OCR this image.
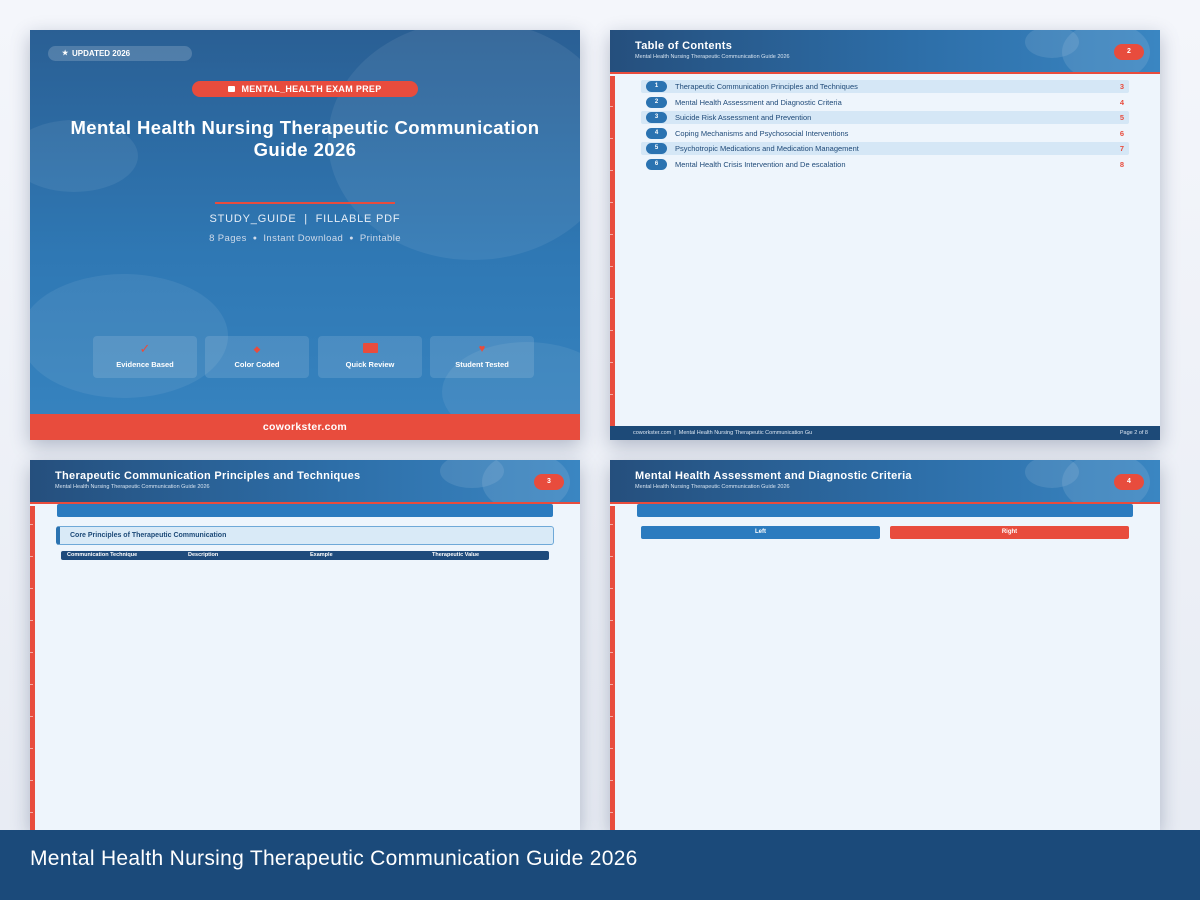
★ UPDATED 2026
MENTAL_HEALTH EXAM PREP
Mental Health Nursing Therapeutic Communication Guide 2026
STUDY_GUIDE  |  FILLABLE PDF
8 Pages ● Instant Download ● Printable
✓
Evidence Based
◆
Color Coded	Quick Review
♥
Student Tested
coworkster.com
Table of Contents
Mental Health Nursing Therapeutic Communication Guide 2026
2
1	Therapeutic Communication Principles and Techniques	3
2	Mental Health Assessment and Diagnostic Criteria	4
3	Suicide Risk Assessment and Prevention	5
4	Coping Mechanisms and Psychosocial Interventions	6
5	Psychotropic Medications and Medication Management	7
6	Mental Health Crisis Intervention and De escalation	8
coworkster.com  |  Mental Health Nursing Therapeutic Communication Gu	Page 2 of 8
Therapeutic Communication Principles and Techniques
Mental Health Nursing Therapeutic Communication Guide 2026
3
Core Principles of Therapeutic Communication
Communication Technique	Description	Example	Therapeutic Value
Mental Health Assessment and Diagnostic Criteria
Mental Health Nursing Therapeutic Communication Guide 2026
4
Left	Right
Mental Health Nursing Therapeutic Communication Guide 2026
